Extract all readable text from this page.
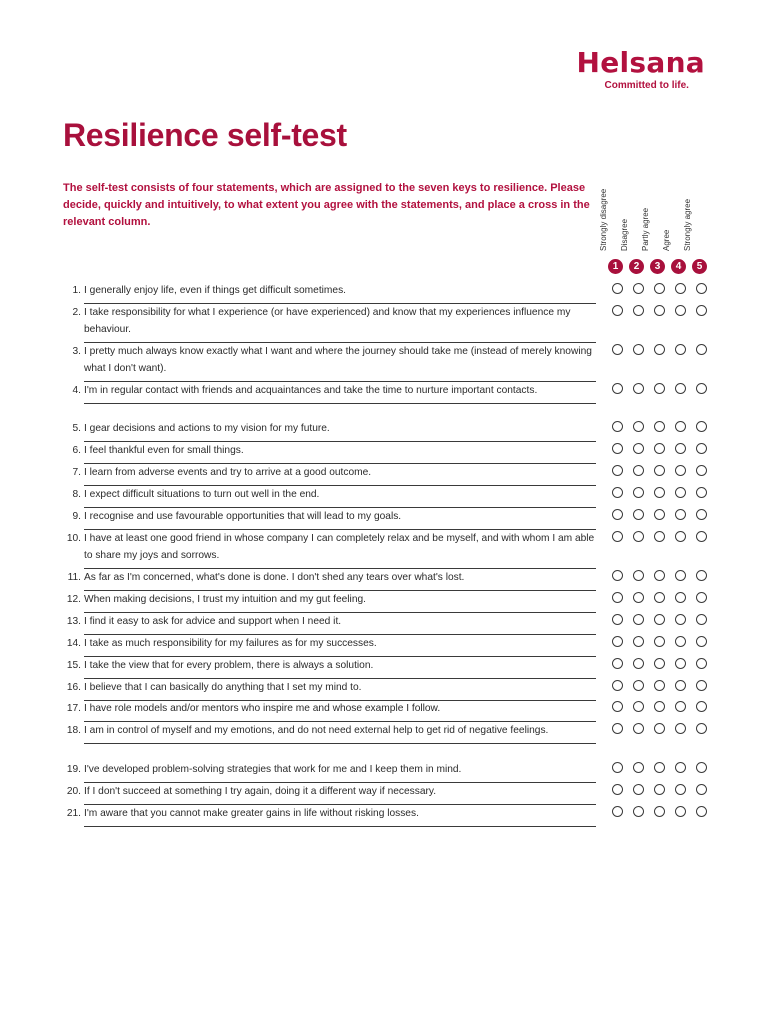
Helsana
Committed to life.
Resilience self-test

The self-test consists of four statements, which are assigned to the seven keys to resilience. Please decide, quickly and intuitively, to what extent you agree with the statements, and place a cross in the relevant column.	Strongly disagree
1
Disagree
2
Partly agree
3
Agree
4
Strongly agree
5
1. I generally enjoy life, even if things get difficult sometimes.
2. I take responsibility for what I experience (or have experienced) and know that my experiences influence my behaviour.
3. I pretty much always know exactly what I want and where the journey should take me (instead of merely knowing what I don't want).
4. I'm in regular contact with friends and acquaintances and take the time to nurture important contacts.
5. I gear decisions and actions to my vision for my future.
6. I feel thankful even for small things.
7. I learn from adverse events and try to arrive at a good outcome.
8. I expect difficult situations to turn out well in the end.
9. I recognise and use favourable opportunities that will lead to my goals.
10. I have at least one good friend in whose company I can completely relax and be myself, and with whom I am able to share my joys and sorrows.
11. As far as I'm concerned, what's done is done. I don't shed any tears over what's lost.
12. When making decisions, I trust my intuition and my gut feeling.
13. I find it easy to ask for advice and support when I need it.
14. I take as much responsibility for my failures as for my successes.
15. I take the view that for every problem, there is always a solution.
16. I believe that I can basically do anything that I set my mind to.
17. I have role models and/or mentors who inspire me and whose example I follow.
18. I am in control of myself and my emotions, and do not need external help to get rid of negative feelings.
19. I've developed problem-solving strategies that work for me and I keep them in mind.
20. If I don't succeed at something I try again, doing it a different way if necessary.
21. I'm aware that you cannot make greater gains in life without risking losses.
